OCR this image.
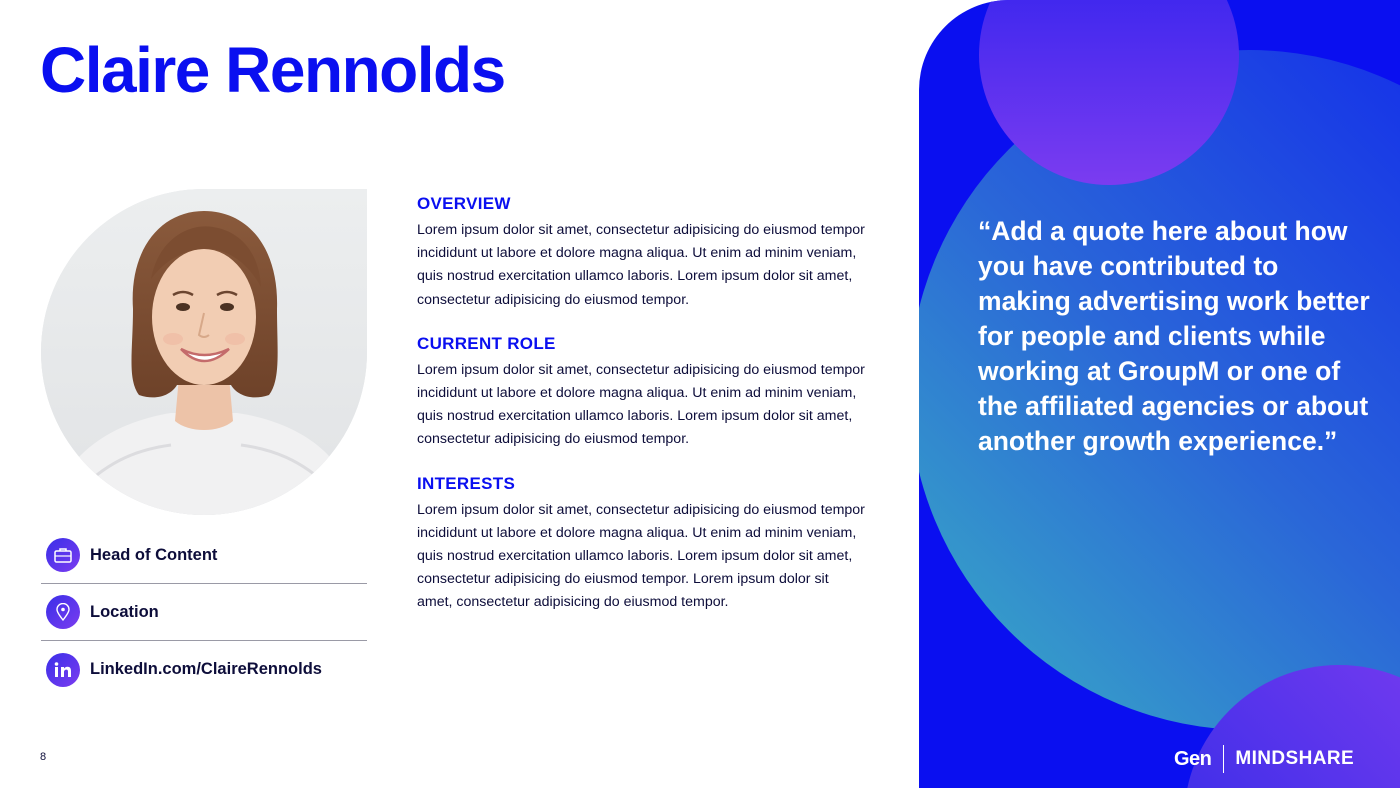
Claire Rennolds
Head of Content
Location
LinkedIn.com/ClaireRennolds
OVERVIEW

Lorem ipsum dolor sit amet, consectetur adipisicing do eiusmod tempor incididunt ut labore et dolore magna aliqua. Ut enim ad minim veniam, quis nostrud exercitation ullamco laboris. Lorem ipsum dolor sit amet, consectetur adipisicing do eiusmod tempor.

CURRENT ROLE

Lorem ipsum dolor sit amet, consectetur adipisicing do eiusmod tempor incididunt ut labore et dolore magna aliqua. Ut enim ad minim veniam, quis nostrud exercitation ullamco laboris. Lorem ipsum dolor sit amet, consectetur adipisicing do eiusmod tempor.

INTERESTS

Lorem ipsum dolor sit amet, consectetur adipisicing do eiusmod tempor incididunt ut labore et dolore magna aliqua. Ut enim ad minim veniam, quis nostrud exercitation ullamco laboris. Lorem ipsum dolor sit amet, consectetur adipisicing do eiusmod tempor. Lorem ipsum dolor sit amet, consectetur adipisicing do eiusmod tempor.

“Add a quote here about how you have contributed to making advertising work better for people and clients while working at GroupM or one of the affiliated agencies or about another growth experience.”

Gen MINDSHARE
8
